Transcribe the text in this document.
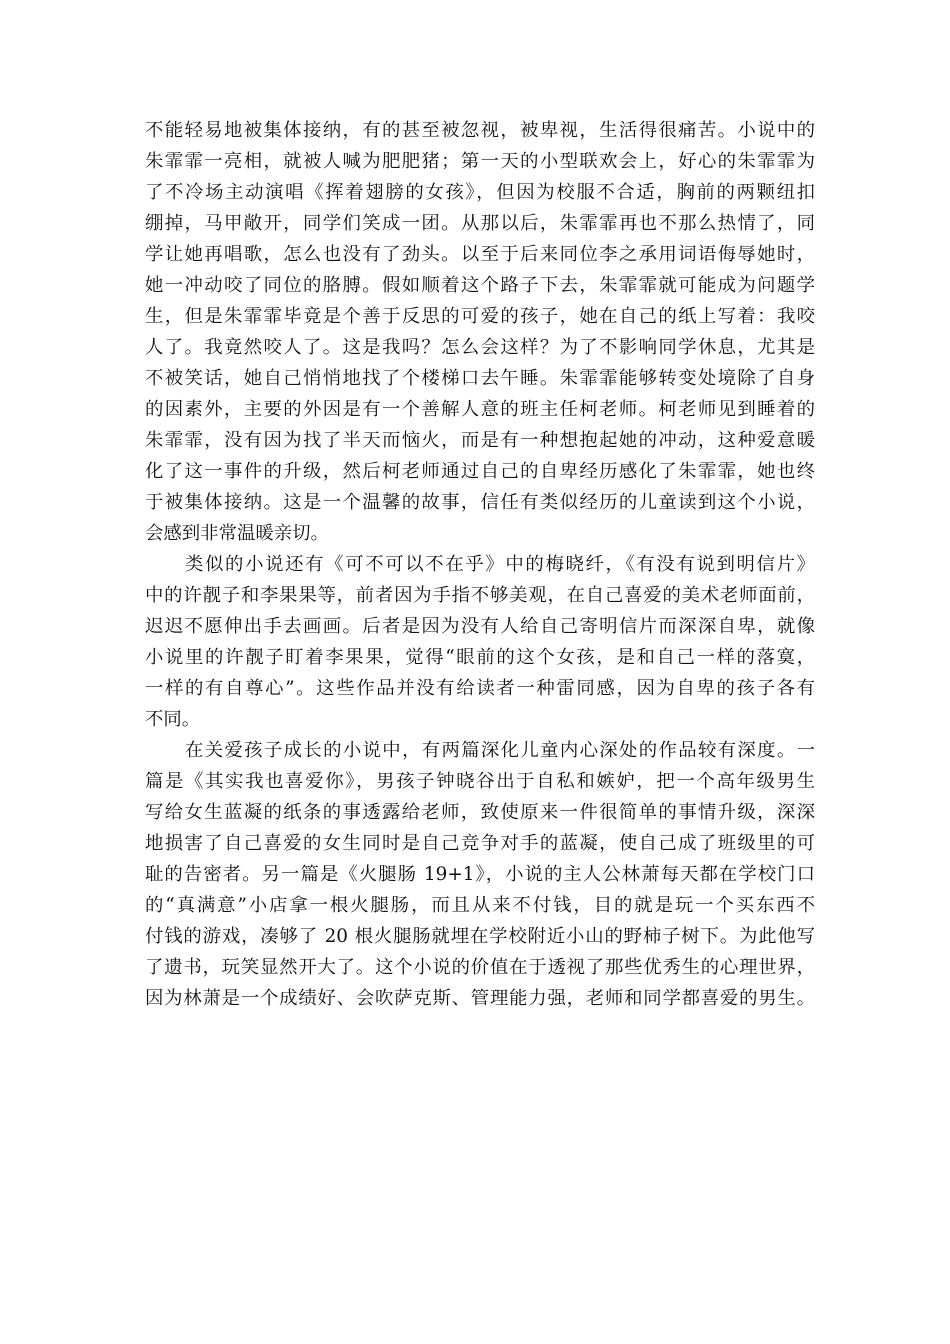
不能轻易地被集体接纳，有的甚至被忽视，被卑视，生活得很痛苦。小说中的
朱霏霏一亮相，就被人喊为肥肥猪；第一天的小型联欢会上，好心的朱霏霏为
了不冷场主动演唱《挥着翅膀的女孩》，但因为校服不合适，胸前的两颗纽扣
绷掉，马甲敞开，同学们笑成一团。从那以后，朱霏霏再也不那么热情了，同
学让她再唱歌，怎么也没有了劲头。以至于后来同位李之承用词语侮辱她时，
她一冲动咬了同位的胳膊。假如顺着这个路子下去，朱霏霏就可能成为问题学
生，但是朱霏霏毕竟是个善于反思的可爱的孩子，她在自己的纸上写着：我咬
人了。我竟然咬人了。这是我吗？怎么会这样？为了不影响同学休息，尤其是
不被笑话，她自己悄悄地找了个楼梯口去午睡。朱霏霏能够转变处境除了自身
的因素外，主要的外因是有一个善解人意的班主任柯老师。柯老师见到睡着的
朱霏霏，没有因为找了半天而恼火，而是有一种想抱起她的冲动，这种爱意暖
化了这一事件的升级，然后柯老师通过自己的自卑经历感化了朱霏霏，她也终
于被集体接纳。这是一个温馨的故事，信任有类似经历的儿童读到这个小说，
会感到非常温暖亲切。
类似的小说还有《可不可以不在乎》中的梅晓纤，《有没有说到明信片》
中的许靓子和李果果等，前者因为手指不够美观，在自己喜爱的美术老师面前，
迟迟不愿伸出手去画画。后者是因为没有人给自己寄明信片而深深自卑，就像
小说里的许靓子盯着李果果，觉得“眼前的这个女孩，是和自己一样的落寞，
一样的有自尊心”。这些作品并没有给读者一种雷同感，因为自卑的孩子各有
不同。
在关爱孩子成长的小说中，有两篇深化儿童内心深处的作品较有深度。一
篇是《其实我也喜爱你》，男孩子钟晓谷出于自私和嫉妒，把一个高年级男生
写给女生蓝凝的纸条的事透露给老师，致使原来一件很简单的事情升级，深深
地损害了自己喜爱的女生同时是自己竞争对手的蓝凝，使自己成了班级里的可
耻的告密者。另一篇是《火腿肠 19+1》，小说的主人公林萧每天都在学校门口
的“真满意”小店拿一根火腿肠，而且从来不付钱，目的就是玩一个买东西不
付钱的游戏，凑够了 20 根火腿肠就埋在学校附近小山的野柿子树下。为此他写
了遗书，玩笑显然开大了。这个小说的价值在于透视了那些优秀生的心理世界，
因为林萧是一个成绩好、会吹萨克斯、管理能力强，老师和同学都喜爱的男生。
